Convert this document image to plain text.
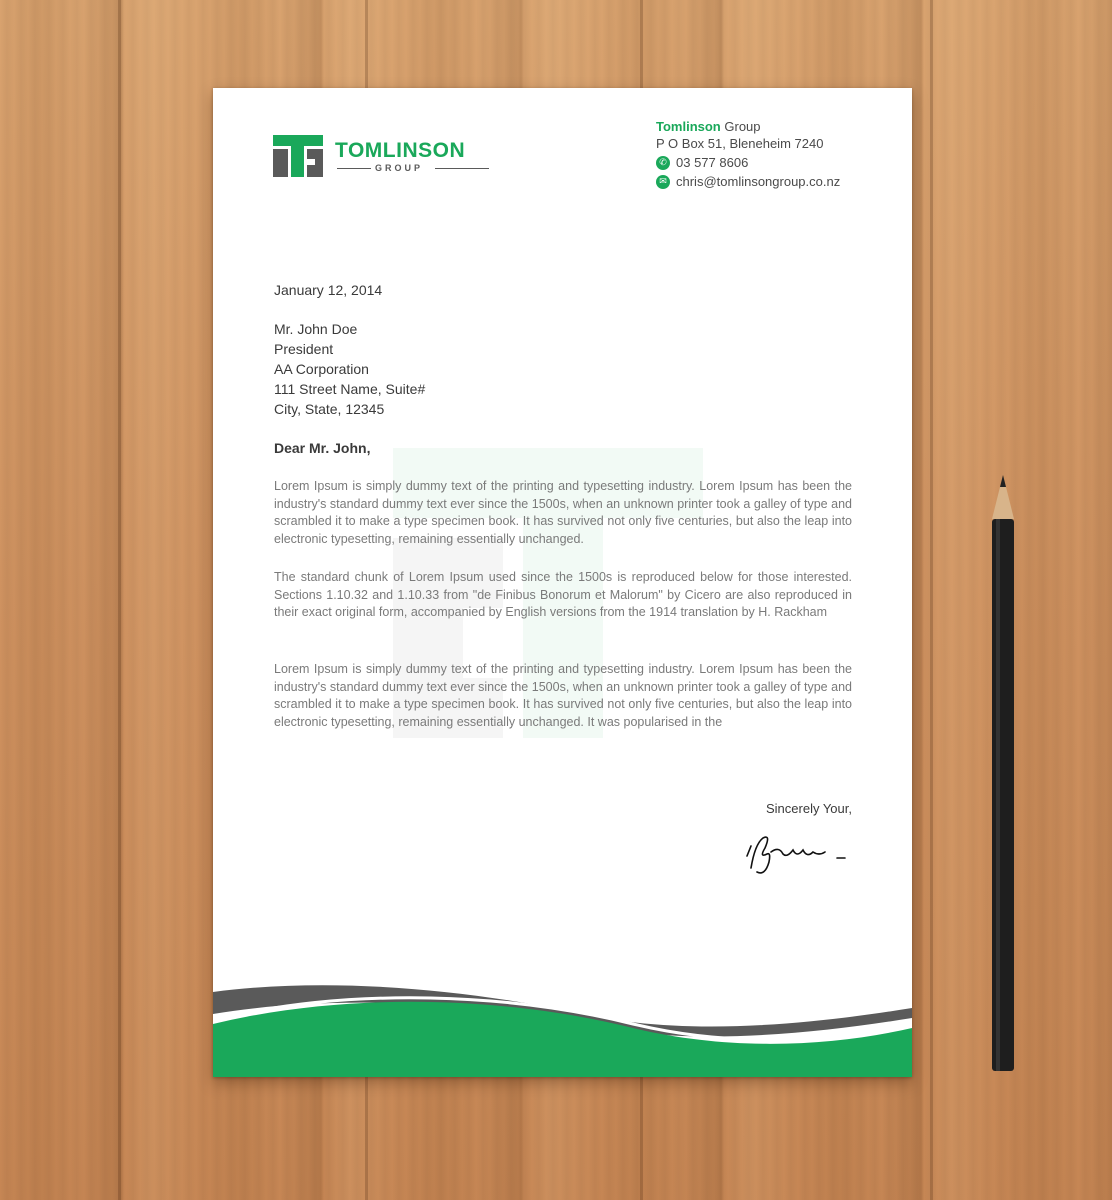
TOMLINSON
GROUP
Tomlinson Group
P O Box 51, Bleneheim 7240
✆ 03 577 8606
✉ chris@tomlinsongroup.co.nz
January 12, 2014
Mr. John Doe
President
AA Corporation
111 Street Name, Suite#
City, State, 12345
Dear Mr. John,
Lorem Ipsum is simply dummy text of the printing and typesetting industry. Lorem Ipsum has been the industry's standard dummy text ever since the 1500s, when an unknown printer took a galley of type and scrambled it to make a type specimen book. It has survived not only five centuries, but also the leap into electronic typesetting, remaining essentially unchanged.
The standard chunk of Lorem Ipsum used since the 1500s is reproduced below for those interested. Sections 1.10.32 and 1.10.33 from "de Finibus Bonorum et Malorum" by Cicero are also reproduced in their exact original form, accompanied by English versions from the 1914 translation by H. Rackham
Lorem Ipsum is simply dummy text of the printing and typesetting industry. Lorem Ipsum has been the industry's standard dummy text ever since the 1500s, when an unknown printer took a galley of type and scrambled it to make a type specimen book. It has survived not only five centuries, but also the leap into electronic typesetting, remaining essentially unchanged. It was popularised in the
Sincerely Your,
